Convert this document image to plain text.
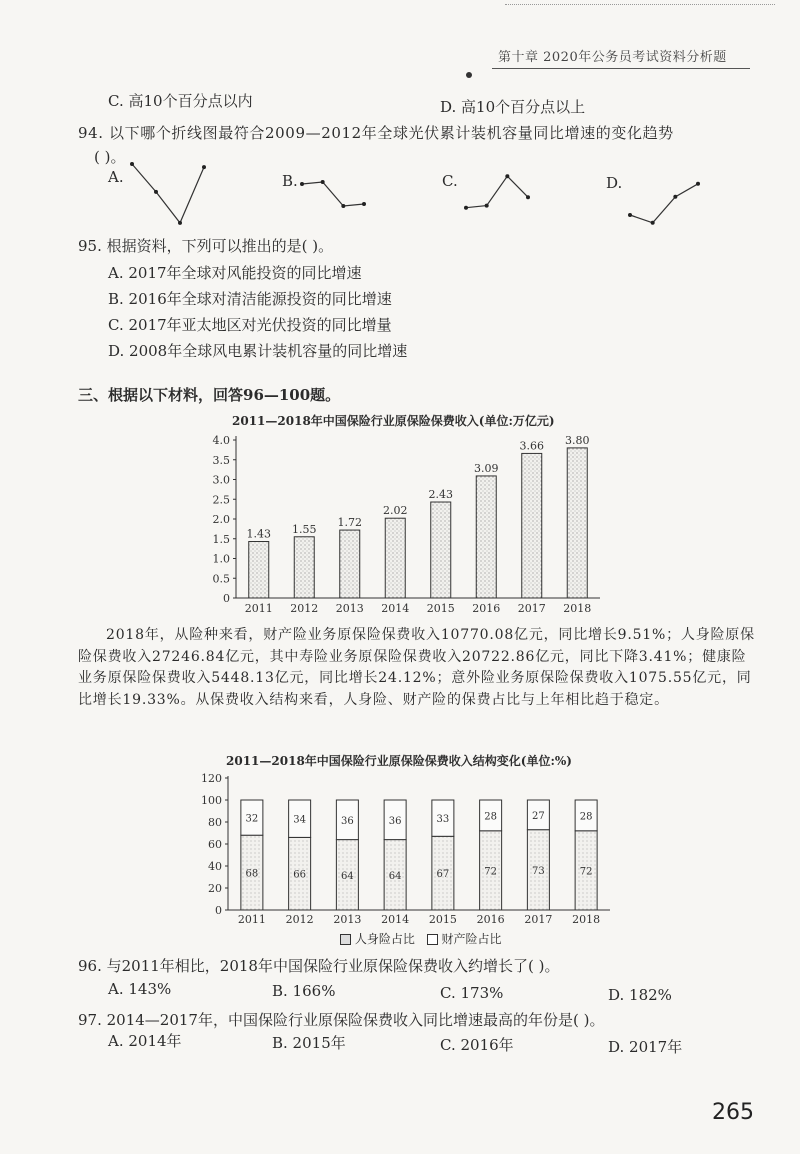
第十章 2020年公务员考试资料分析题
C. 高10个百分点以内	D. 高10个百分点以上
94. 以下哪个折线图最符合2009—2012年全球光伏累计装机容量同比增速的变化趋势
( )。
A.	B.	C.	D.
95. 根据资料，下列可以推出的是( )。
A. 2017年全球对风能投资的同比增速
B. 2016年全球对清洁能源投资的同比增速
C. 2017年亚太地区对光伏投资的同比增量
D. 2008年全球风电累计装机容量的同比增速
三、根据以下材料，回答96—100题。
2011—2018年中国保险行业原保险保费收入(单位:万亿元)
0
0.5
1.0
1.5
2.0
2.5
3.0
3.5
4.0
1.43
2011
1.55
2012
1.72
2013
2.02
2014
2.43
2015
3.09
2016
3.66
2017
3.80
2018
2018年，从险种来看，财产险业务原保险保费收入10770.08亿元，同比增长9.51%；人身险原保险保费收入27246.84亿元，其中寿险业务原保险保费收入20722.86亿元，同比下降3.41%；健康险业务原保险保费收入5448.13亿元，同比增长24.12%；意外险业务原保险保费收入1075.55亿元，同比增长19.33%。从保费收入结构来看，人身险、财产险的保费占比与上年相比趋于稳定。
2011—2018年中国保险行业原保险保费收入结构变化(单位:%)
0
20
40
60
80
100
120
68
32
2011
66
34
2012
64
36
2013
64
36
2014
67
33
2015
72
28
2016
73
27
2017
72
28
2018
人身险占比 财产险占比
96. 与2011年相比，2018年中国保险行业原保险保费收入约增长了( )。
A. 143%	B. 166%	C. 173%	D. 182%
97. 2014—2017年，中国保险行业原保险保费收入同比增速最高的年份是( )。
A. 2014年	B. 2015年	C. 2016年	D. 2017年
265
